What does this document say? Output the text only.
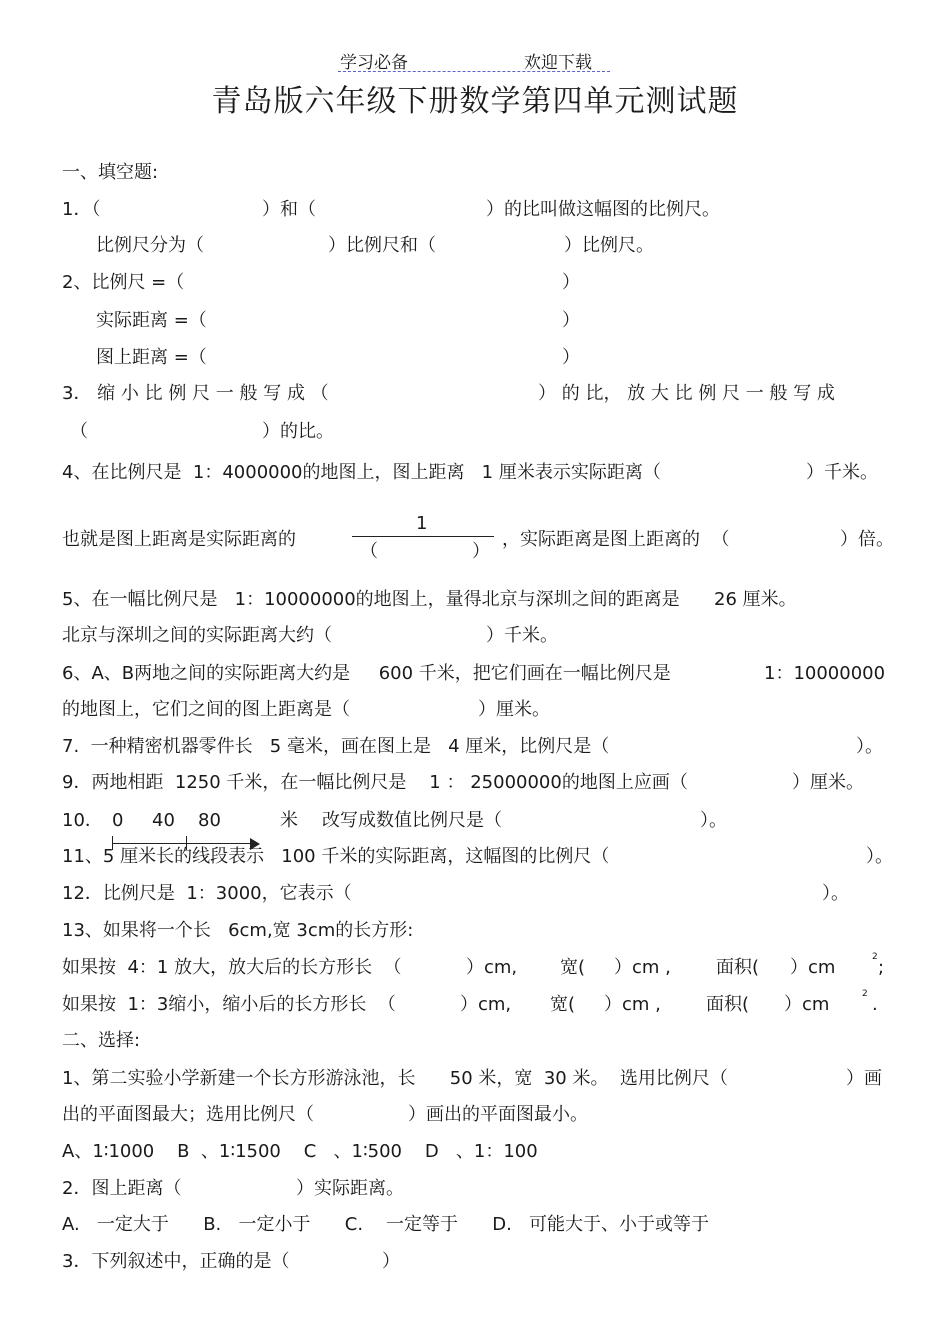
学习必备	欢迎下载
青岛版六年级下册数学第四单元测试题
一、填空题:
1．（	）和（	）的比叫做这幅图的比例尺。
比例尺分为（	）比例尺和（	）比例尺。
2、比例尺 =（	）
实际距离 =（	）
图上距离 =（	）
3． 缩 小 比 例 尺 一 般 写 成 （	） 的 比， 放 大 比 例 尺 一 般 写 成
（	）的比。
4、在比例尺是  1：4000000的地图上，图上距离   1 厘米表示实际距离（	）千米。
也就是图上距离是实际距离的
1
（	）
，实际距离是图上距离的  （	）倍。
5、在一幅比例尺是   1：10000000的地图上，量得北京与深圳之间的距离是      26 厘米。
北京与深圳之间的实际距离大约（	）千米。
6、A、B两地之间的实际距离大约是     600 千米，把它们画在一幅比例尺是	1：10000000
的地图上，它们之间的图上距离是（	）厘米。
7.  一种精密机器零件长   5 毫米，画在图上是   4 厘米，比例尺是（	）。
9．两地相距  1250 千米，在一幅比例尺是    1 ： 25000000的地图上应画（	）厘米。
10． 0 40 80	米 改写成数值比例尺是（	）。
11、5 厘米长的线段表示   100 千米的实际距离，这幅图的比例尺（	）。
12．比例尺是  1：3000，它表示（	）。
13、如果将一个长   6cm,宽 3cm的长方形:
如果按  4：1 放大，放大后的长方形长  （	）cm, 宽( ）cm ,	面积( ）cm	2 ;
如果按  1：3缩小，缩小后的长方形长  （	）cm, 宽( ）cm ,	面积( ）cm	2 .
二、选择:
1、第二实验小学新建一个长方形游泳池，长      50 米，宽  30 米。  选用比例尺（	）画
出的平面图最大；选用比例尺（	）画出的平面图最小。
A、1∶1000    B  、1∶1500    C   、1∶500    D   、1：100
2．图上距离（	）实际距离。
A.   一定大于      B.   一定小于      C.    一定等于      D.   可能大于、小于或等于
3．下列叙述中，正确的是（	）
